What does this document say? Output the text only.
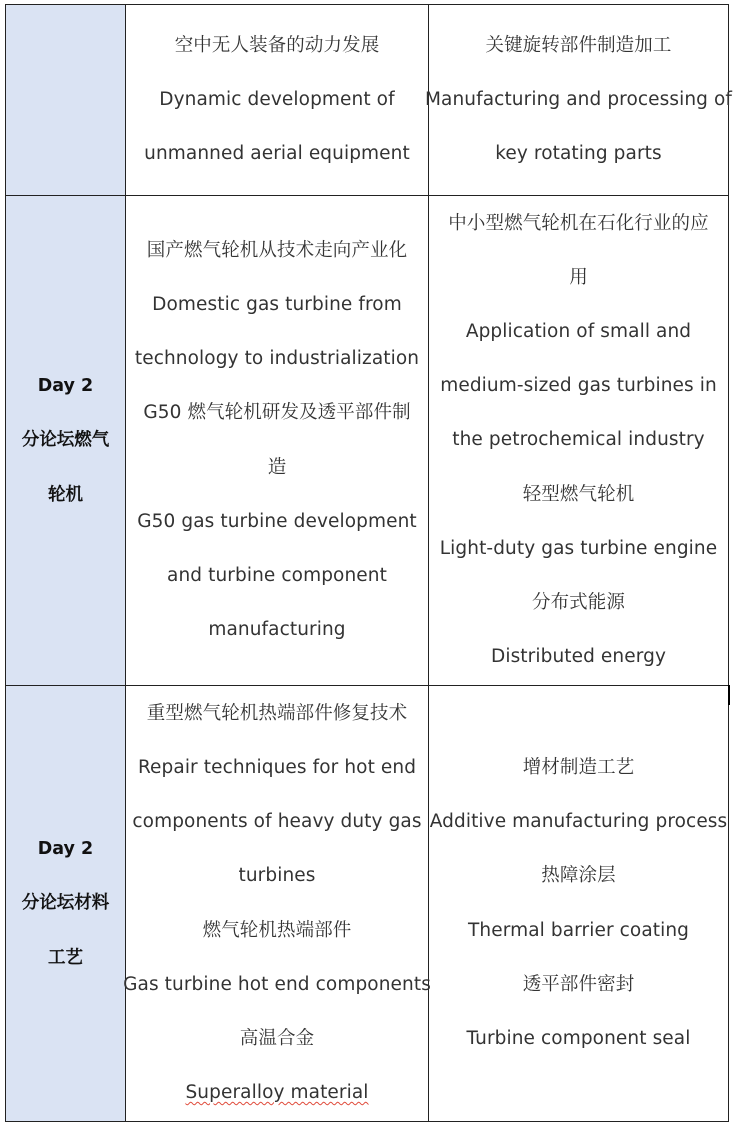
空中无人装备的动力发展
Dynamic development of
unmanned aerial equipment
关键旋转部件制造加工
Manufacturing and processing of
key rotating parts
Day 2
分论坛燃气
轮机
国产燃气轮机从技术走向产业化
Domestic gas turbine from
technology to industrialization
G50 燃气轮机研发及透平部件制
造
G50 gas turbine development
and turbine component
manufacturing
中小型燃气轮机在石化行业的应
用
Application of small and
medium-sized gas turbines in
the petrochemical industry
轻型燃气轮机
Light-duty gas turbine engine
分布式能源
Distributed energy
Day 2
分论坛材料
工艺
重型燃气轮机热端部件修复技术
Repair techniques for hot end
components of heavy duty gas
turbines
燃气轮机热端部件
Gas turbine hot end components
高温合金
Superalloy material
增材制造工艺
Additive manufacturing process
热障涂层
Thermal barrier coating
透平部件密封
Turbine component seal
